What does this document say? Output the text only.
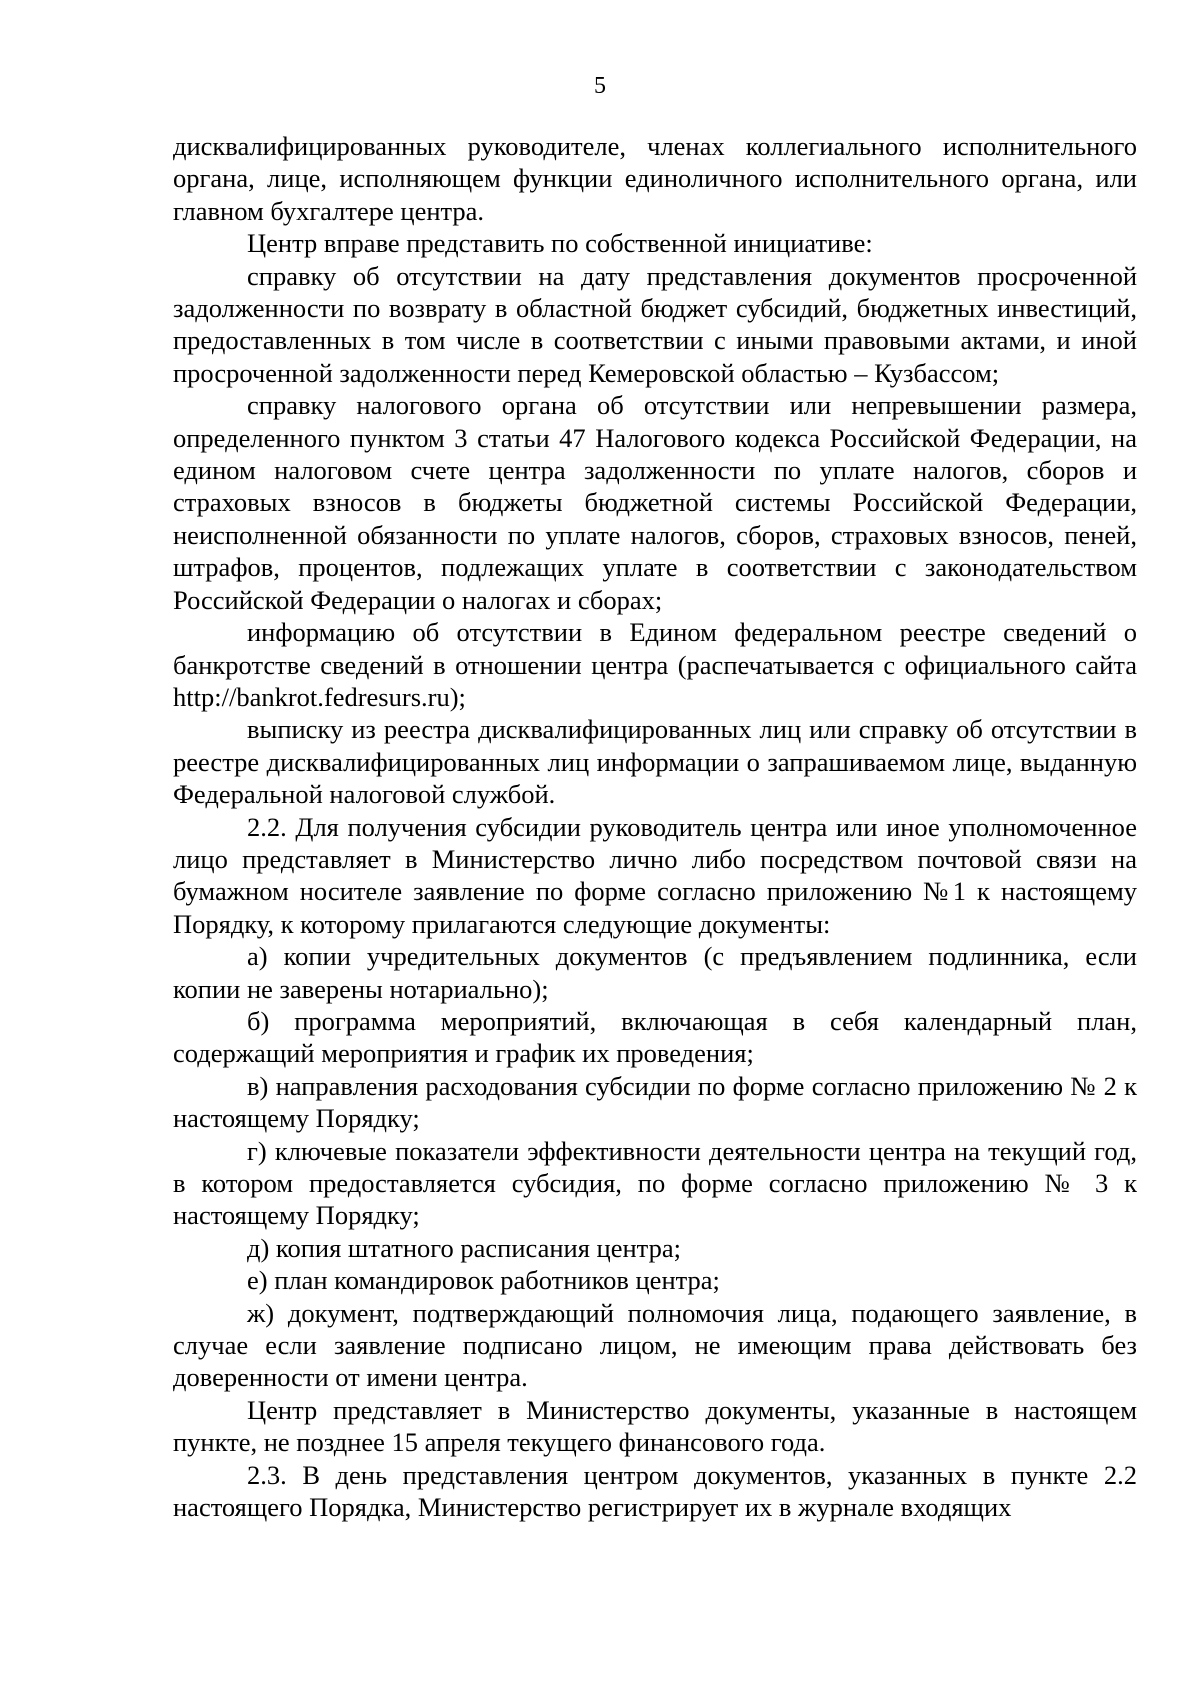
5

дисквалифицированных руководителе, членах коллегиального исполнительного органа, лице, исполняющем функции единоличного исполнительного органа, или главном бухгалтере центра.

Центр вправе представить по собственной инициативе:

справку об отсутствии на дату представления документов просроченной задолженности по возврату в областной бюджет субсидий, бюджетных инвестиций, предоставленных в том числе в соответствии с иными правовыми актами, и иной просроченной задолженности перед Кемеровской областью – Кузбассом;

справку налогового органа об отсутствии или непревышении размера, определенного пунктом 3 статьи 47 Налогового кодекса Российской Федерации, на едином налоговом счете центра задолженности по уплате налогов, сборов и страховых взносов в бюджеты бюджетной системы Российской Федерации, неисполненной обязанности по уплате налогов, сборов, страховых взносов, пеней, штрафов, процентов, подлежащих уплате в соответствии с законодательством Российской Федерации о налогах и сборах;

информацию об отсутствии в Едином федеральном реестре сведений о банкротстве сведений в отношении центра (распечатывается с официального сайта http://bankrot.fedresurs.ru);

выписку из реестра дисквалифицированных лиц или справку об отсутствии в реестре дисквалифицированных лиц информации о запрашиваемом лице, выданную Федеральной налоговой службой.

2.2. Для получения субсидии руководитель центра или иное уполномоченное лицо представляет в Министерство лично либо посредством почтовой связи на бумажном носителе заявление по форме согласно приложению №1 к настоящему Порядку, к которому прилагаются следующие документы:

а) копии учредительных документов (с предъявлением подлинника, если копии не заверены нотариально);

б) программа мероприятий, включающая в себя календарный план, содержащий мероприятия и график их проведения;

в) направления расходования субсидии по форме согласно приложению № 2 к настоящему Порядку;

г) ключевые показатели эффективности деятельности центра на текущий год, в котором предоставляется субсидия, по форме согласно приложению № 3 к настоящему Порядку;

д) копия штатного расписания центра;

е) план командировок работников центра;

ж) документ, подтверждающий полномочия лица, подающего заявление, в случае если заявление подписано лицом, не имеющим права действовать без доверенности от имени центра.

Центр представляет в Министерство документы, указанные в настоящем пункте, не позднее 15 апреля текущего финансового года.

2.3. В день представления центром документов, указанных в пункте 2.2 настоящего Порядка, Министерство регистрирует их в журнале входящих
